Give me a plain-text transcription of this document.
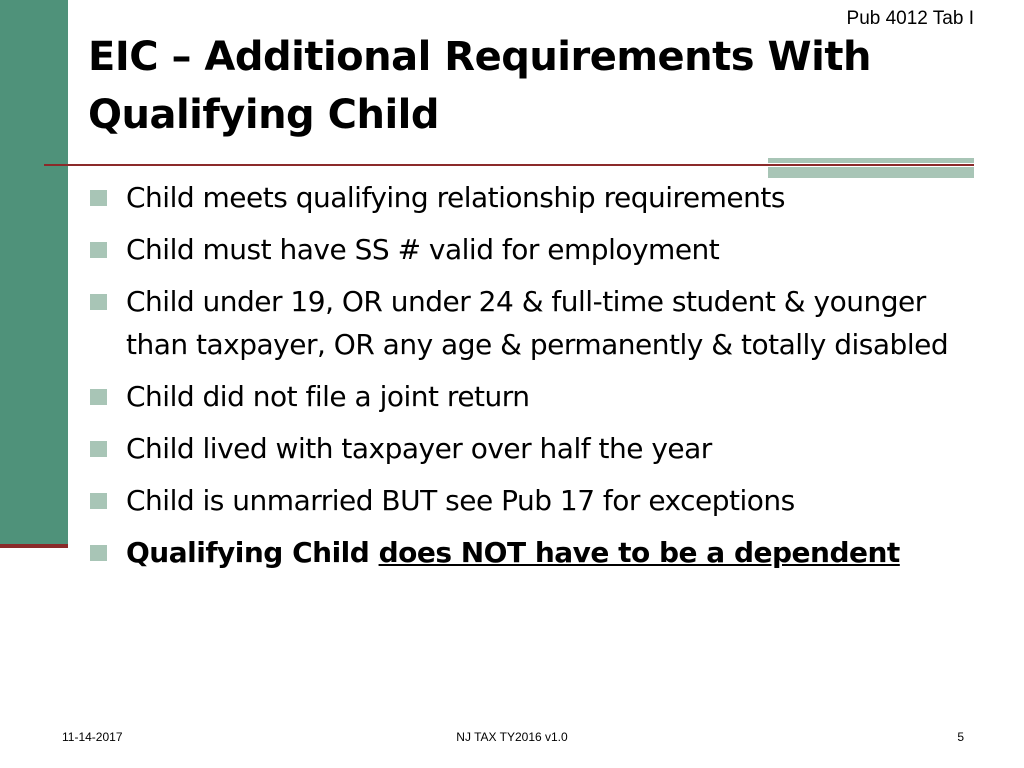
Pub 4012 Tab I
EIC – Additional Requirements With Qualifying Child
Child meets qualifying relationship requirements
Child must have SS # valid for employment
Child under 19, OR under 24 & full-time student & younger than taxpayer, OR any age & permanently & totally disabled
Child did not file a joint return
Child lived with taxpayer over half the year
Child is unmarried BUT see Pub 17 for exceptions
Qualifying Child does NOT have to be a dependent
11-14-2017	NJ TAX TY2016 v1.0	5
